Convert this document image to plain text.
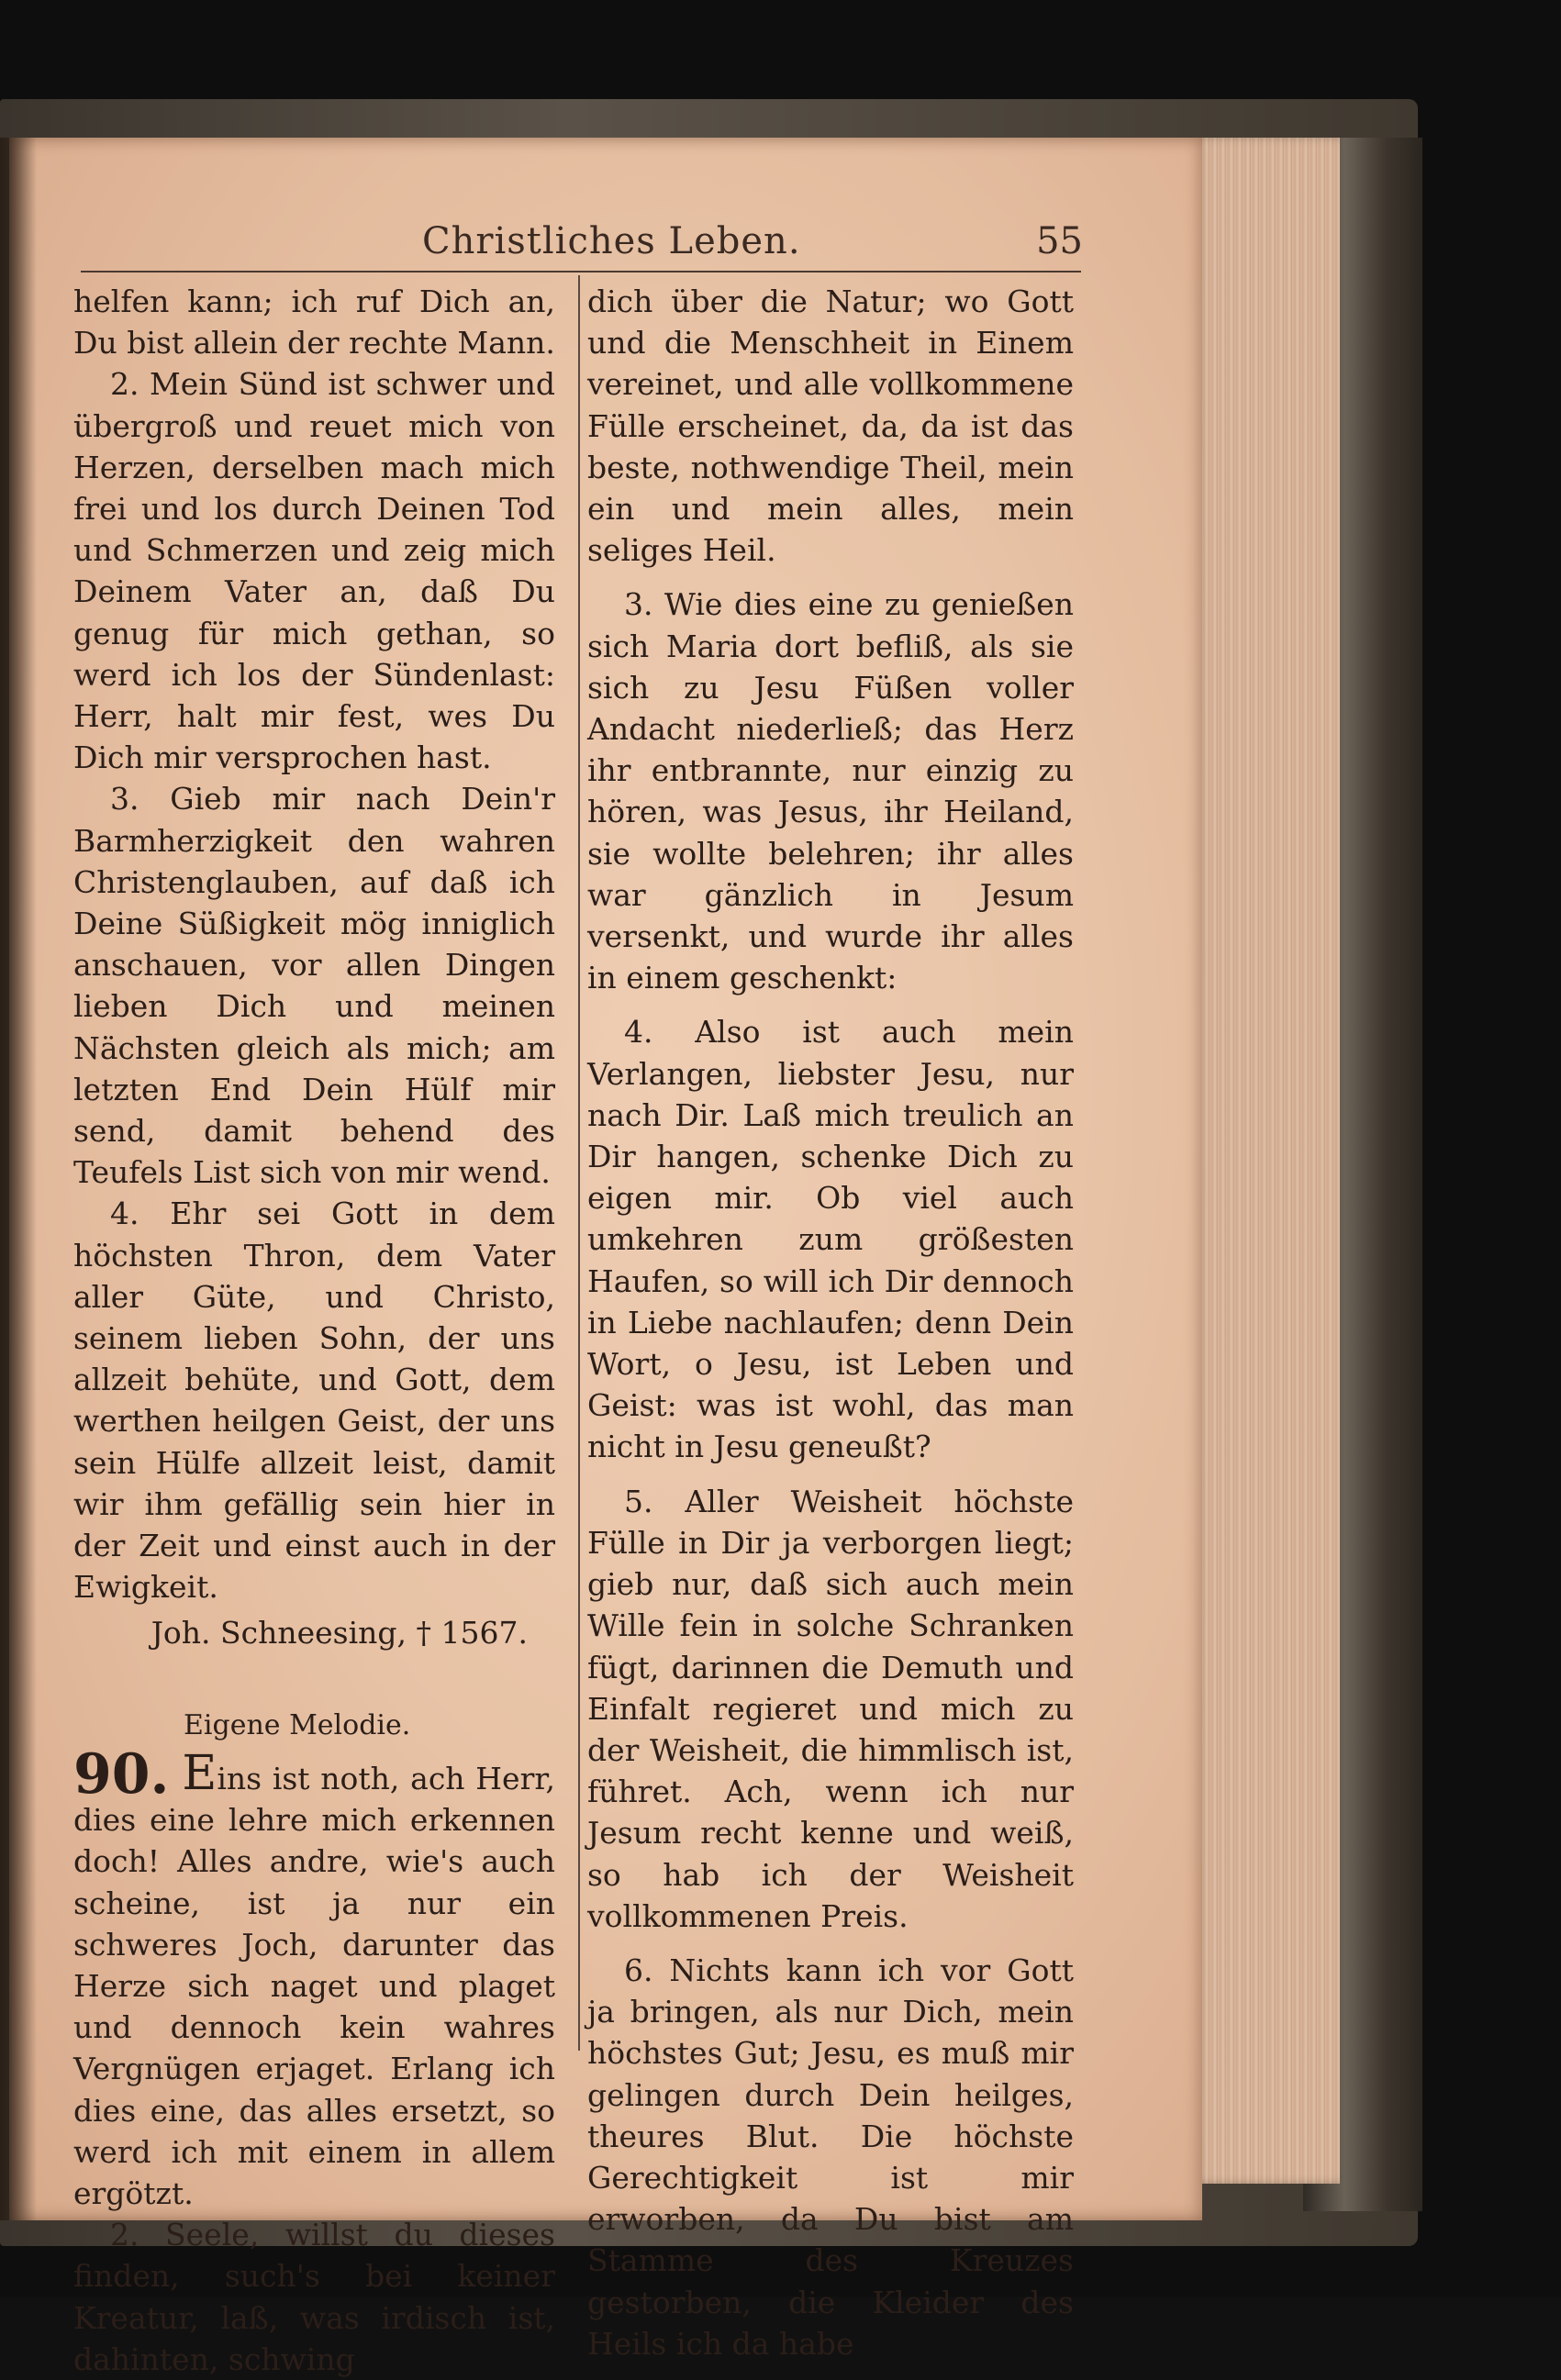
Christliches Leben.	55

helfen kann; ich ruf Dich an, Du bist allein der rechte Mann.

2. Mein Sünd ist schwer und übergroß und reuet mich von Herzen, derselben mach mich frei und los durch Deinen Tod und Schmerzen und zeig mich Deinem Vater an, daß Du genug für mich gethan, so werd ich los der Sündenlast: Herr, halt mir fest, wes Du Dich mir versprochen hast.

3. Gieb mir nach Dein'r Barmherzigkeit den wahren Christenglauben, auf daß ich Deine Süßigkeit mög inniglich anschauen, vor allen Dingen lieben Dich und meinen Nächsten gleich als mich; am letzten End Dein Hülf mir send, damit behend des Teufels List sich von mir wend.

4. Ehr sei Gott in dem höchsten Thron, dem Vater aller Güte, und Christo, seinem lieben Sohn, der uns allzeit behüte, und Gott, dem werthen heilgen Geist, der uns sein Hülfe allzeit leist, damit wir ihm gefällig sein hier in der Zeit und einst auch in der Ewigkeit.

Joh. Schneesing, † 1567.

Eigene Melodie.

90. Eins ist noth, ach Herr, dies eine lehre mich erkennen doch! Alles andre, wie's auch scheine, ist ja nur ein schweres Joch, darunter das Herze sich naget und plaget und dennoch kein wahres Vergnügen erjaget. Erlang ich dies eine, das alles ersetzt, so werd ich mit einem in allem ergötzt.

2. Seele, willst du dieses finden, such's bei keiner Kreatur, laß, was irdisch ist, dahinten, schwing

dich über die Natur; wo Gott und die Menschheit in Einem vereinet, und alle vollkommene Fülle erscheinet, da, da ist das beste, nothwendige Theil, mein ein und mein alles, mein seliges Heil.

3. Wie dies eine zu genießen sich Maria dort befliß, als sie sich zu Jesu Füßen voller Andacht niederließ; das Herz ihr entbrannte, nur einzig zu hören, was Jesus, ihr Heiland, sie wollte belehren; ihr alles war gänzlich in Jesum versenkt, und wurde ihr alles in einem geschenkt:

4. Also ist auch mein Verlangen, liebster Jesu, nur nach Dir. Laß mich treulich an Dir hangen, schenke Dich zu eigen mir. Ob viel auch umkehren zum größesten Haufen, so will ich Dir dennoch in Liebe nachlaufen; denn Dein Wort, o Jesu, ist Leben und Geist: was ist wohl, das man nicht in Jesu geneußt?

5. Aller Weisheit höchste Fülle in Dir ja verborgen liegt; gieb nur, daß sich auch mein Wille fein in solche Schranken fügt, darinnen die Demuth und Einfalt regieret und mich zu der Weisheit, die himmlisch ist, führet. Ach, wenn ich nur Jesum recht kenne und weiß, so hab ich der Weisheit vollkommenen Preis.

6. Nichts kann ich vor Gott ja bringen, als nur Dich, mein höchstes Gut; Jesu, es muß mir gelingen durch Dein heilges, theures Blut. Die höchste Gerechtigkeit ist mir erworben, da Du bist am Stamme des Kreuzes gestorben, die Kleider des Heils ich da habe
